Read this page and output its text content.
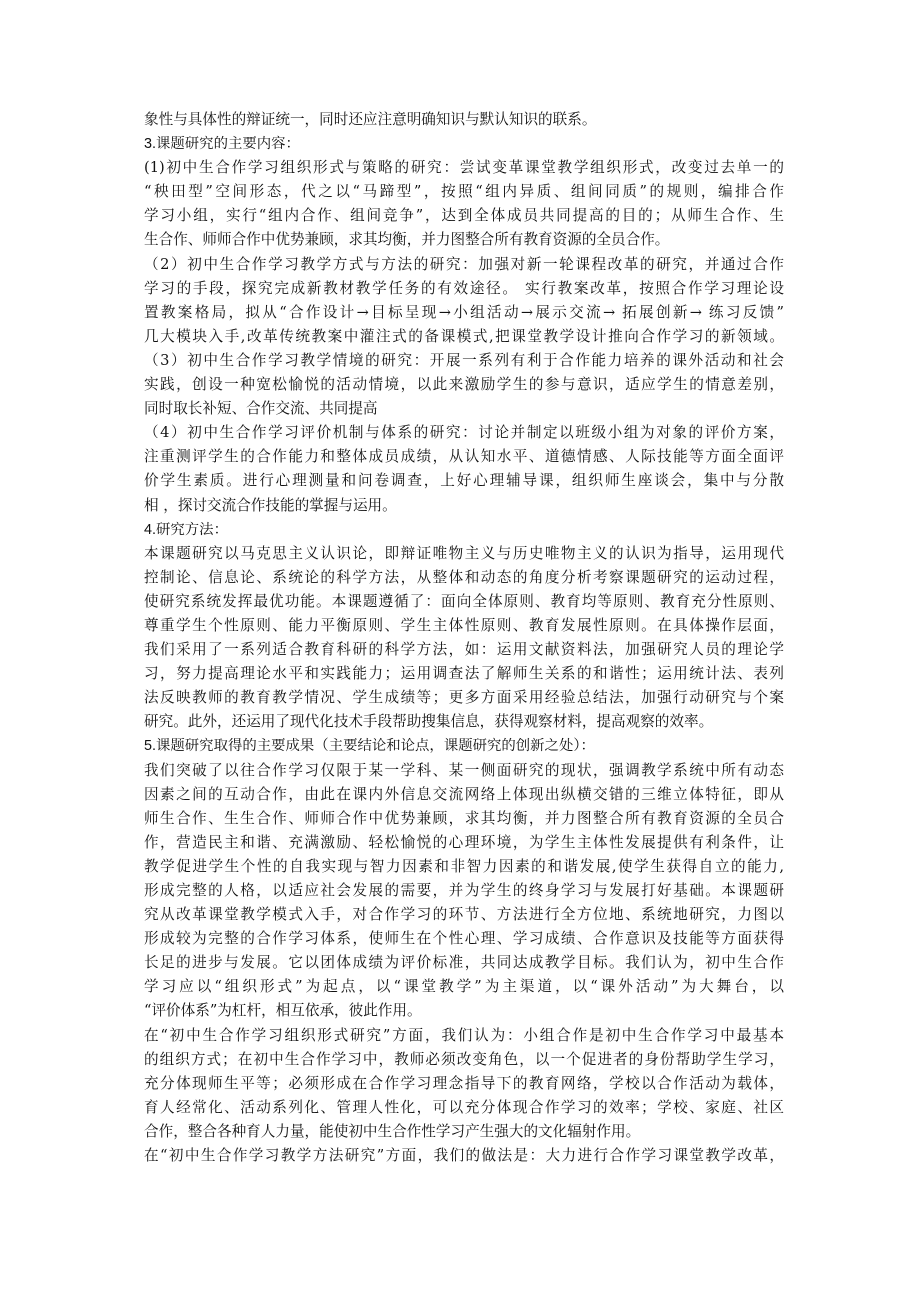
象性与具体性的辩证统一，同时还应注意明确知识与默认知识的联系。
3.课题研究的主要内容：
(1)初中生合作学习组织形式与策略的研究：尝试变革课堂教学组织形式，改变过去单一的
“秧田型”空间形态，代之以“马蹄型”，按照“组内异质、组间同质”的规则，编排合作
学习小组，实行“组内合作、组间竞争”，达到全体成员共同提高的目的；从师生合作、生
生合作、师师合作中优势兼顾，求其均衡，并力图整合所有教育资源的全员合作。
（2）初中生合作学习教学方式与方法的研究：加强对新一轮课程改革的研究，并通过合作
学习的手段，探究完成新教材教学任务的有效途径。 实行教案改革，按照合作学习理论设
置教案格局，拟从“合作设计→目标呈现→小组活动→展示交流→ 拓展创新→ 练习反馈”
几大模块入手,改革传统教案中灌注式的备课模式,把课堂教学设计推向合作学习的新领域。
（3）初中生合作学习教学情境的研究：开展一系列有利于合作能力培养的课外活动和社会
实践，创设一种宽松愉悦的活动情境，以此来激励学生的参与意识，适应学生的情意差别，
同时取长补短、合作交流、共同提高
（4）初中生合作学习评价机制与体系的研究：讨论并制定以班级小组为对象的评价方案，
注重测评学生的合作能力和整体成员成绩，从认知水平、道德情感、人际技能等方面全面评
价学生素质。进行心理测量和问卷调查，上好心理辅导课，组织师生座谈会，集中与分散
相 ，探讨交流合作技能的掌握与运用。
4.研究方法：
本课题研究以马克思主义认识论，即辩证唯物主义与历史唯物主义的认识为指导，运用现代
控制论、信息论、系统论的科学方法，从整体和动态的角度分析考察课题研究的运动过程，
使研究系统发挥最优功能。本课题遵循了：面向全体原则、教育均等原则、教育充分性原则、
尊重学生个性原则、能力平衡原则、学生主体性原则、教育发展性原则。在具体操作层面，
我们采用了一系列适合教育科研的科学方法，如：运用文献资料法，加强研究人员的理论学
习，努力提高理论水平和实践能力；运用调查法了解师生关系的和谐性；运用统计法、表列
法反映教师的教育教学情况、学生成绩等；更多方面采用经验总结法，加强行动研究与个案
研究。此外，还运用了现代化技术手段帮助搜集信息，获得观察材料，提高观察的效率。
5.课题研究取得的主要成果（主要结论和论点，课题研究的创新之处）：
我们突破了以往合作学习仅限于某一学科、某一侧面研究的现状，强调教学系统中所有动态
因素之间的互动合作，由此在课内外信息交流网络上体现出纵横交错的三维立体特征，即从
师生合作、生生合作、师师合作中优势兼顾，求其均衡，并力图整合所有教育资源的全员合
作，营造民主和谐、充满激励、轻松愉悦的心理环境，为学生主体性发展提供有利条件，让
教学促进学生个性的自我实现与智力因素和非智力因素的和谐发展,使学生获得自立的能力,
形成完整的人格，以适应社会发展的需要，并为学生的终身学习与发展打好基础。本课题研
究从改革课堂教学模式入手，对合作学习的环节、方法进行全方位地、系统地研究，力图以
形成较为完整的合作学习体系，使师生在个性心理、学习成绩、合作意识及技能等方面获得
长足的进步与发展。它以团体成绩为评价标准，共同达成教学目标。我们认为，初中生合作
学习应以“组织形式”为起点，以“课堂教学”为主渠道，以“课外活动”为大舞台，以
“评价体系”为杠杆，相互依承，彼此作用。
在“初中生合作学习组织形式研究”方面，我们认为：小组合作是初中生合作学习中最基本
的组织方式；在初中生合作学习中，教师必须改变角色，以一个促进者的身份帮助学生学习，
充分体现师生平等；必须形成在合作学习理念指导下的教育网络，学校以合作活动为载体，
育人经常化、活动系列化、管理人性化，可以充分体现合作学习的效率；学校、家庭、社区
合作，整合各种育人力量，能使初中生合作性学习产生强大的文化辐射作用。
在“初中生合作学习教学方法研究”方面，我们的做法是：大力进行合作学习课堂教学改革，
